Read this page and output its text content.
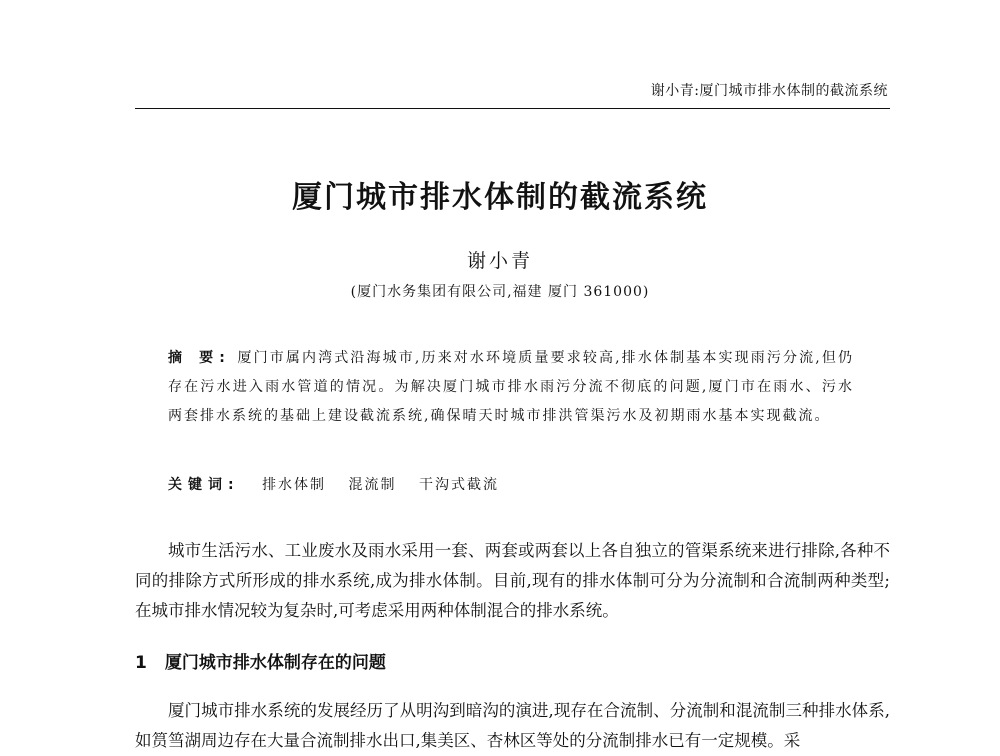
谢小青:厦门城市排水体制的截流系统
厦门城市排水体制的截流系统
谢小青
(厦门水务集团有限公司,福建 厦门 361000)
摘 要: 厦门市属内湾式沿海城市,历来对水环境质量要求较高,排水体制基本实现雨污分流,但仍存在污水进入雨水管道的情况。为解决厦门城市排水雨污分流不彻底的问题,厦门市在雨水、污水两套排水系统的基础上建设截流系统,确保晴天时城市排洪管渠污水及初期雨水基本实现截流。
关键词: 排水体制 混流制 干沟式截流
城市生活污水、工业废水及雨水采用一套、两套或两套以上各自独立的管渠系统来进行排除,各种不同的排除方式所形成的排水系统,成为排水体制。目前,现有的排水体制可分为分流制和合流制两种类型;在城市排水情况较为复杂时,可考虑采用两种体制混合的排水系统。
1 厦门城市排水体制存在的问题
厦门城市排水系统的发展经历了从明沟到暗沟的演进,现存在合流制、分流制和混流制三种排水体系,如筼筜湖周边存在大量合流制排水出口,集美区、杏林区等处的分流制排水已有一定规模。采
